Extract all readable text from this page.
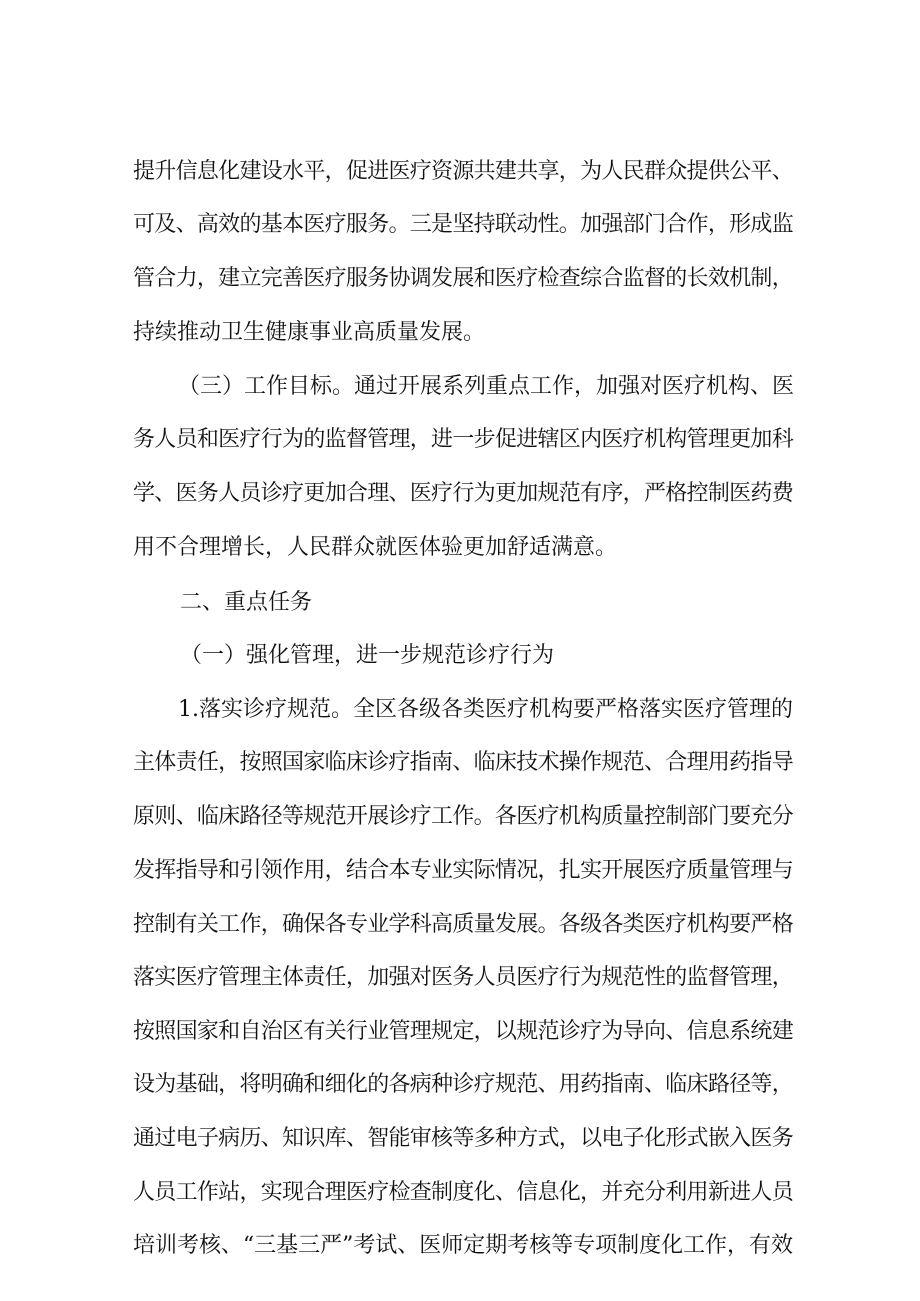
提升信息化建设水平，促进医疗资源共建共享，为人民群众提供公平、
可及、高效的基本医疗服务。三是坚持联动性。加强部门合作，形成监
管合力，建立完善医疗服务协调发展和医疗检查综合监督的长效机制，
持续推动卫生健康事业高质量发展。
（三）工作目标。通过开展系列重点工作，加强对医疗机构、医
务人员和医疗行为的监督管理，进一步促进辖区内医疗机构管理更加科
学、医务人员诊疗更加合理、医疗行为更加规范有序，严格控制医药费
用不合理增长，人民群众就医体验更加舒适满意。
二、重点任务
（一）强化管理，进一步规范诊疗行为
1.落实诊疗规范。全区各级各类医疗机构要严格落实医疗管理的
主体责任，按照国家临床诊疗指南、临床技术操作规范、合理用药指导
原则、临床路径等规范开展诊疗工作。各医疗机构质量控制部门要充分
发挥指导和引领作用，结合本专业实际情况，扎实开展医疗质量管理与
控制有关工作，确保各专业学科高质量发展。各级各类医疗机构要严格
落实医疗管理主体责任，加强对医务人员医疗行为规范性的监督管理，
按照国家和自治区有关行业管理规定，以规范诊疗为导向、信息系统建
设为基础，将明确和细化的各病种诊疗规范、用药指南、临床路径等，
通过电子病历、知识库、智能审核等多种方式，以电子化形式嵌入医务
人员工作站，实现合理医疗检查制度化、信息化，并充分利用新进人员
培训考核、“三基三严”考试、医师定期考核等专项制度化工作，有效
